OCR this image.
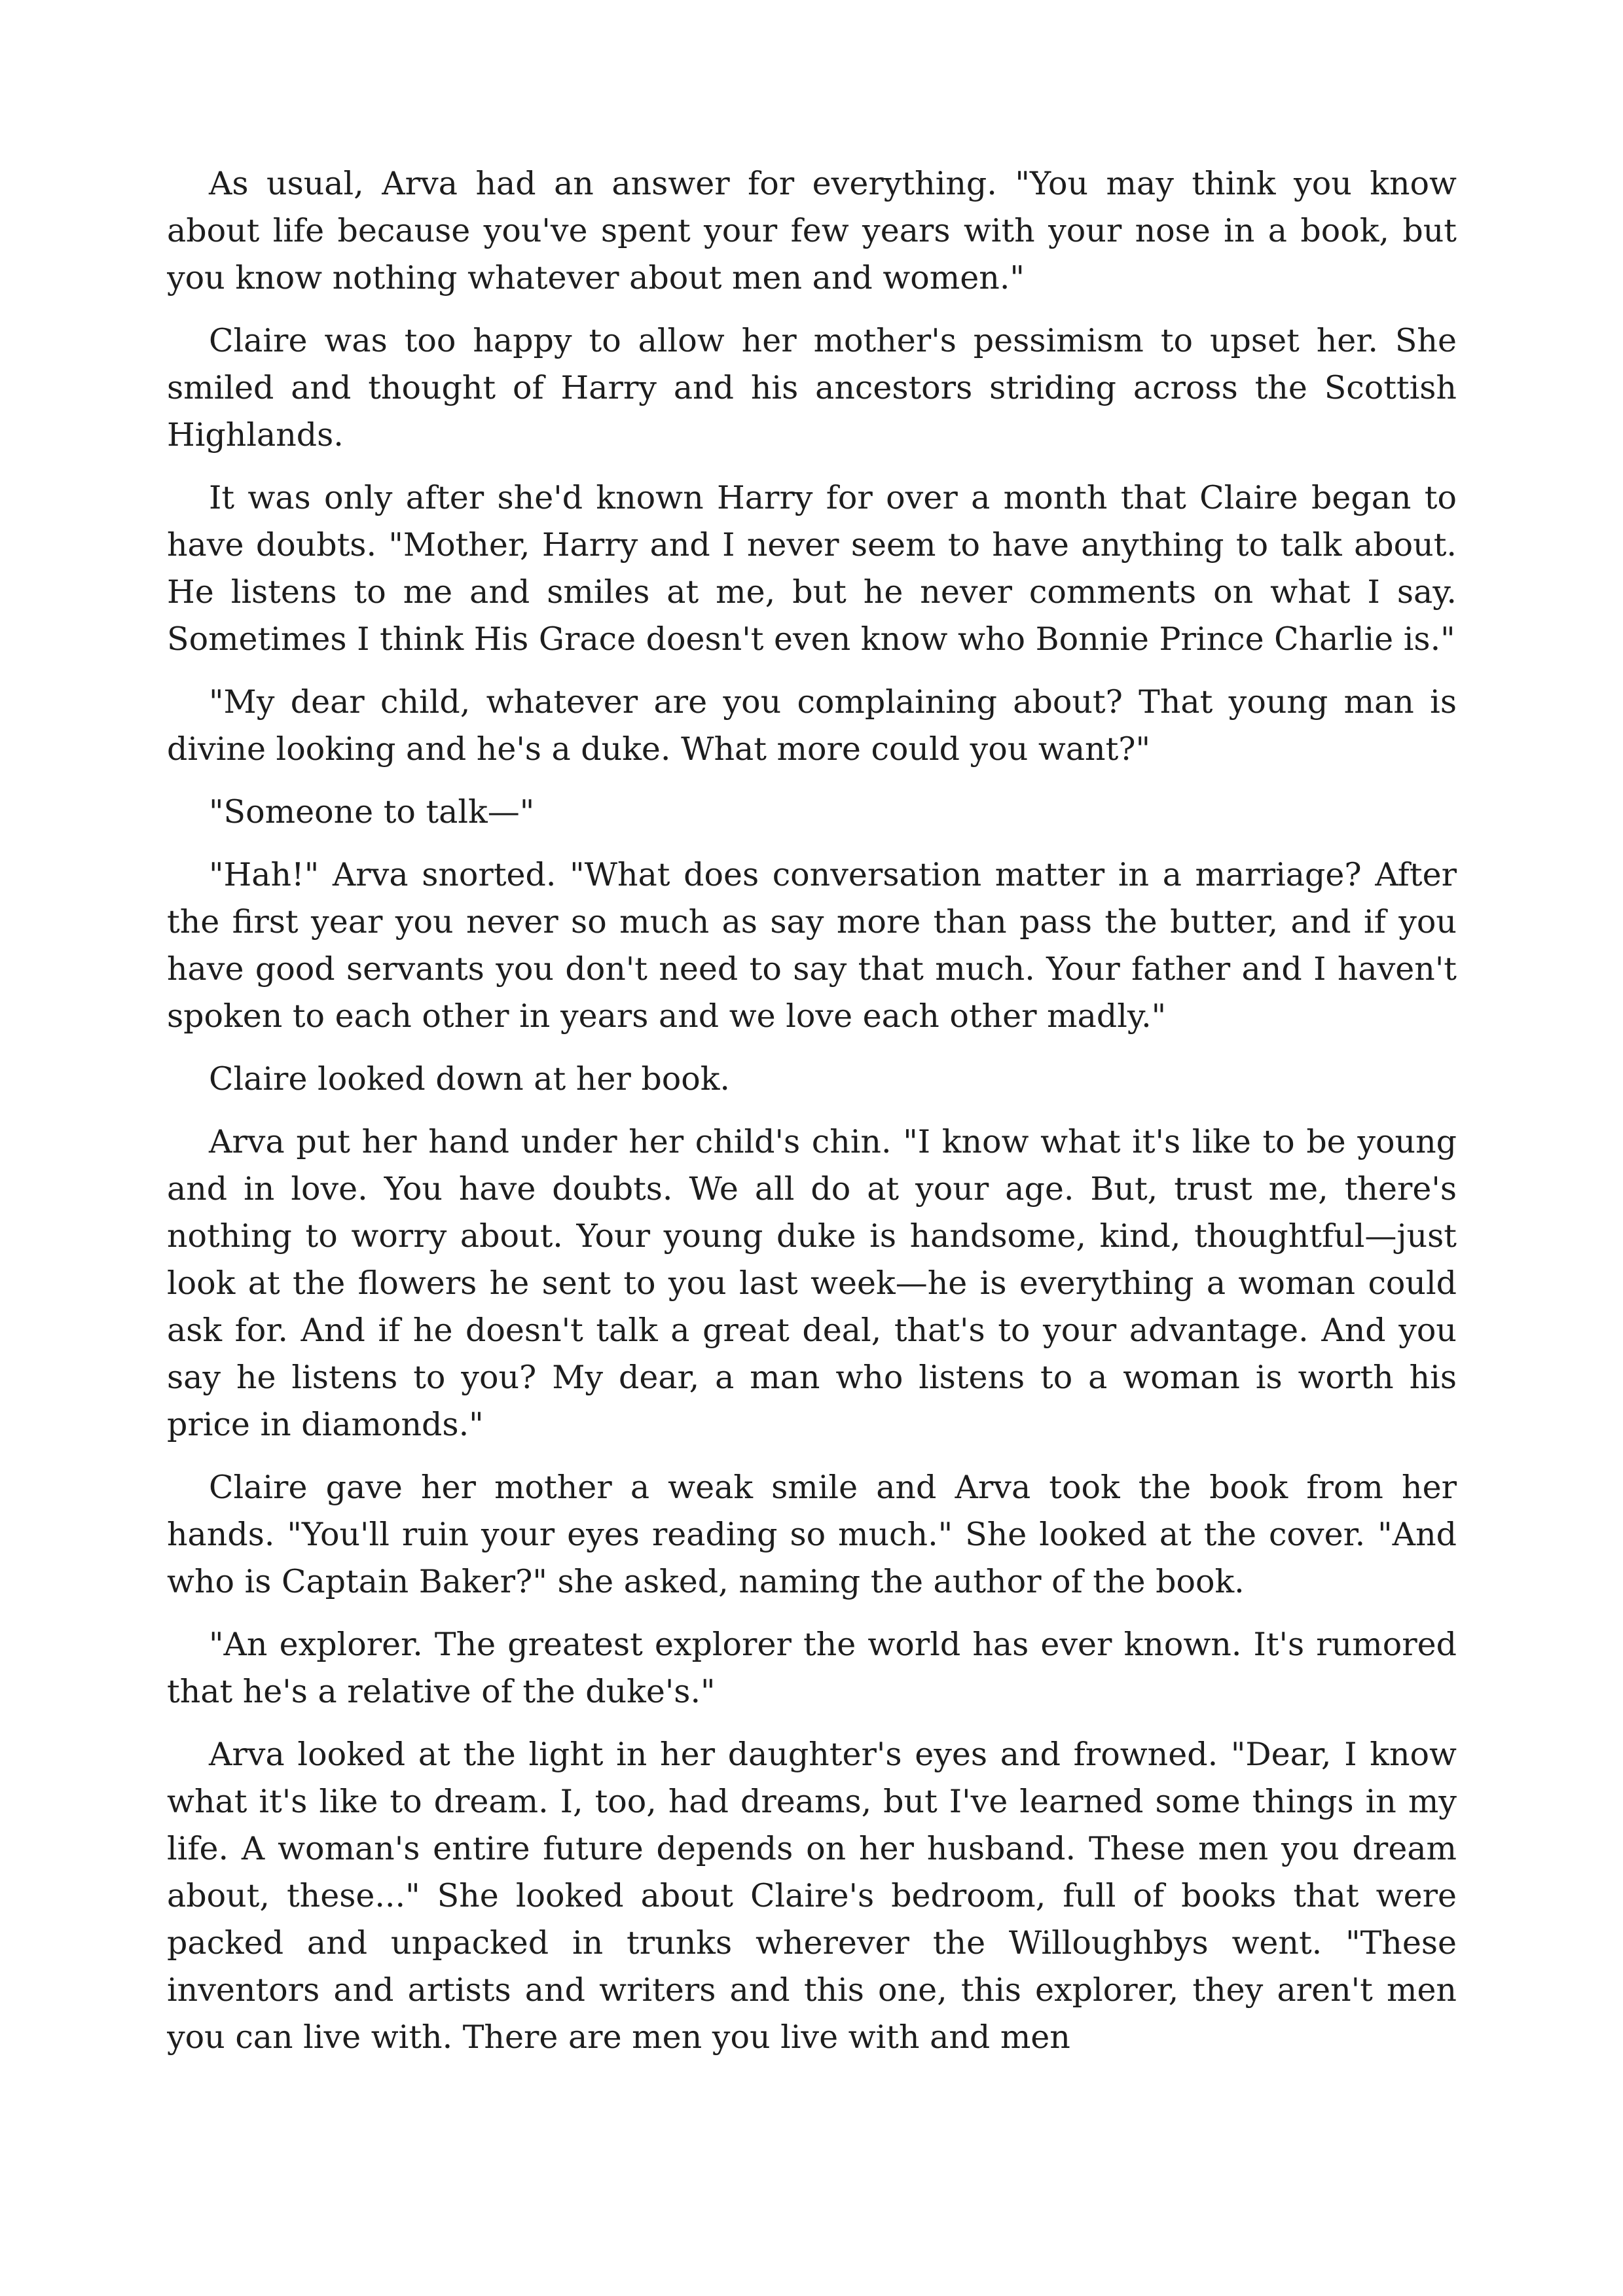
As usual, Arva had an answer for everything. "You may think you know about life because you've spent your few years with your nose in a book, but you know nothing whatever about men and women."

Claire was too happy to allow her mother's pessimism to upset her. She smiled and thought of Harry and his ancestors striding across the Scottish Highlands.

It was only after she'd known Harry for over a month that Claire began to have doubts. "Mother, Harry and I never seem to have anything to talk about. He listens to me and smiles at me, but he never comments on what I say. Sometimes I think His Grace doesn't even know who Bonnie Prince Charlie is."

"My dear child, whatever are you complaining about? That young man is divine looking and he's a duke. What more could you want?"

"Someone to talk—"

"Hah!" Arva snorted. "What does conversation matter in a marriage? After the first year you never so much as say more than pass the butter, and if you have good servants you don't need to say that much. Your father and I haven't spoken to each other in years and we love each other madly."

Claire looked down at her book.

Arva put her hand under her child's chin. "I know what it's like to be young and in love. You have doubts. We all do at your age. But, trust me, there's nothing to worry about. Your young duke is handsome, kind, thoughtful—just look at the flowers he sent to you last week—he is everything a woman could ask for. And if he doesn't talk a great deal, that's to your advantage. And you say he listens to you? My dear, a man who listens to a woman is worth his price in diamonds."

Claire gave her mother a weak smile and Arva took the book from her hands. "You'll ruin your eyes reading so much." She looked at the cover. "And who is Captain Baker?" she asked, naming the author of the book.

"An explorer. The greatest explorer the world has ever known. It's rumored that he's a relative of the duke's."

Arva looked at the light in her daughter's eyes and frowned. "Dear, I know what it's like to dream. I, too, had dreams, but I've learned some things in my life. A woman's entire future depends on her husband. These men you dream about, these..." She looked about Claire's bedroom, full of books that were packed and unpacked in trunks wherever the Willoughbys went. "These inventors and artists and writers and this one, this explorer, they aren't men you can live with. There are men you live with and men
